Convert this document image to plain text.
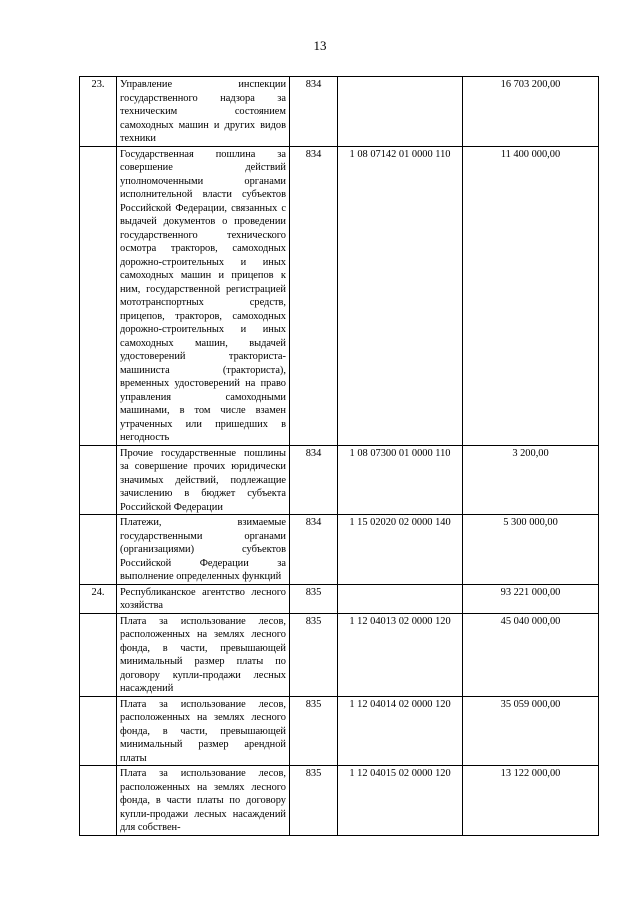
13
23.	Управление инспекции государственного надзора за техническим состоянием самоходных машин и других видов техники	834		16 703 200,00
	Государственная пошлина за совершение действий уполномоченными органами исполнительной власти субъектов Российской Федерации, связанных с выдачей документов о проведении государственного технического осмотра тракторов, самоходных дорожно-строительных и иных самоходных машин и прицепов к ним, государственной регистрацией мототранспортных средств, прицепов, тракторов, самоходных дорожно-строительных и иных самоходных машин, выдачей удостоверений тракториста-машиниста (тракториста), временных удостоверений на право управления самоходными машинами, в том числе взамен утраченных или пришедших в негодность	834	1 08 07142 01 0000 110	11 400 000,00
	Прочие государственные пошлины за совершение прочих юридически значимых действий, подлежащие зачислению в бюджет субъекта Российской Федерации	834	1 08 07300 01 0000 110	3 200,00
	Платежи, взимаемые государственными органами (организациями) субъектов Российской Федерации за выполнение определенных функций	834	1 15 02020 02 0000 140	5 300 000,00
24.	Республиканское агентство лесного хозяйства	835		93 221 000,00
	Плата за использование лесов, расположенных на землях лесного фонда, в части, превышающей минимальный размер платы по договору купли-продажи лесных насаждений	835	1 12 04013 02 0000 120	45 040 000,00
	Плата за использование лесов, расположенных на землях лесного фонда, в части, превышающей минимальный размер арендной платы	835	1 12 04014 02 0000 120	35 059 000,00
	Плата за использование лесов, расположенных на землях лесного фонда, в части платы по договору купли-продажи лесных насаждений для собствен-	835	1 12 04015 02 0000 120	13 122 000,00
